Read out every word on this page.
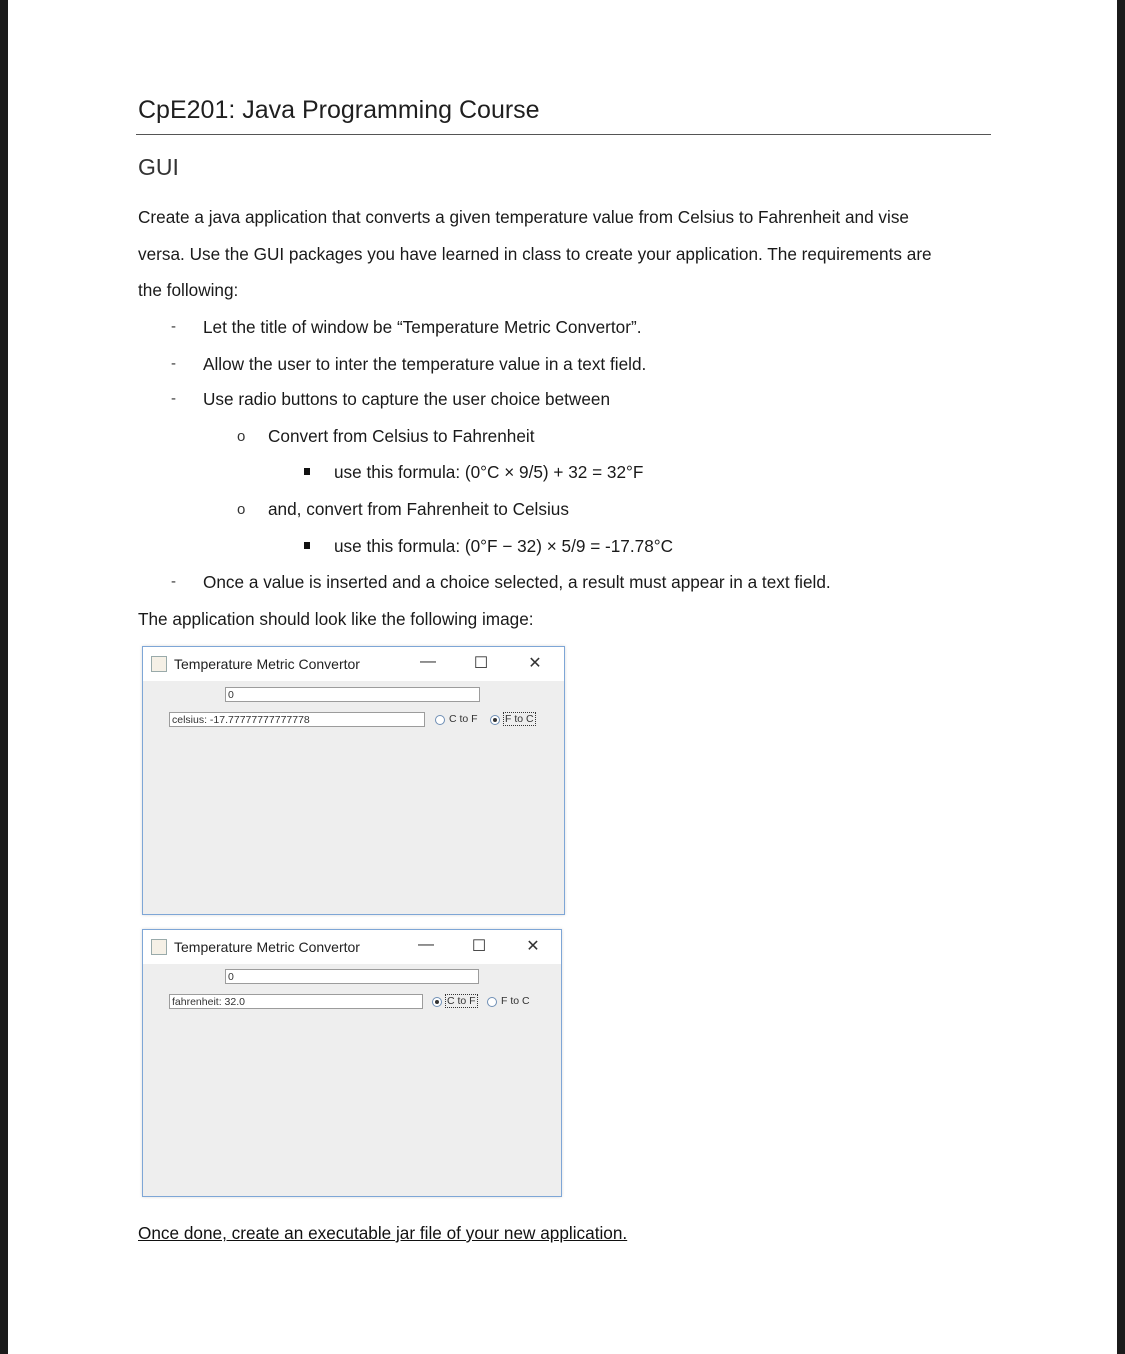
CpE201: Java Programming Course
GUI
Create a java application that converts a given temperature value from Celsius to Fahrenheit and vise
versa. Use the GUI packages you have learned in class to create your application. The requirements are
the following:
- Let the title of window be “Temperature Metric Convertor”.
- Allow the user to inter the temperature value in a text field.
- Use radio buttons to capture the user choice between
o Convert from Celsius to Fahrenheit
use this formula: (0°C × 9/5) + 32 = 32°F
o and, convert from Fahrenheit to Celsius
use this formula: (0°F − 32) × 5/9 = -17.78°C
- Once a value is inserted and a choice selected, a result must appear in a text field.
The application should look like the following image:
Temperature Metric Convertor	— ☐	✕
0
celsius: -17.77777777777778	C to F	F to C
Temperature Metric Convertor	— ☐	✕
0
fahrenheit: 32.0	C to F F to C
Once done, create an executable jar file of your new application.
